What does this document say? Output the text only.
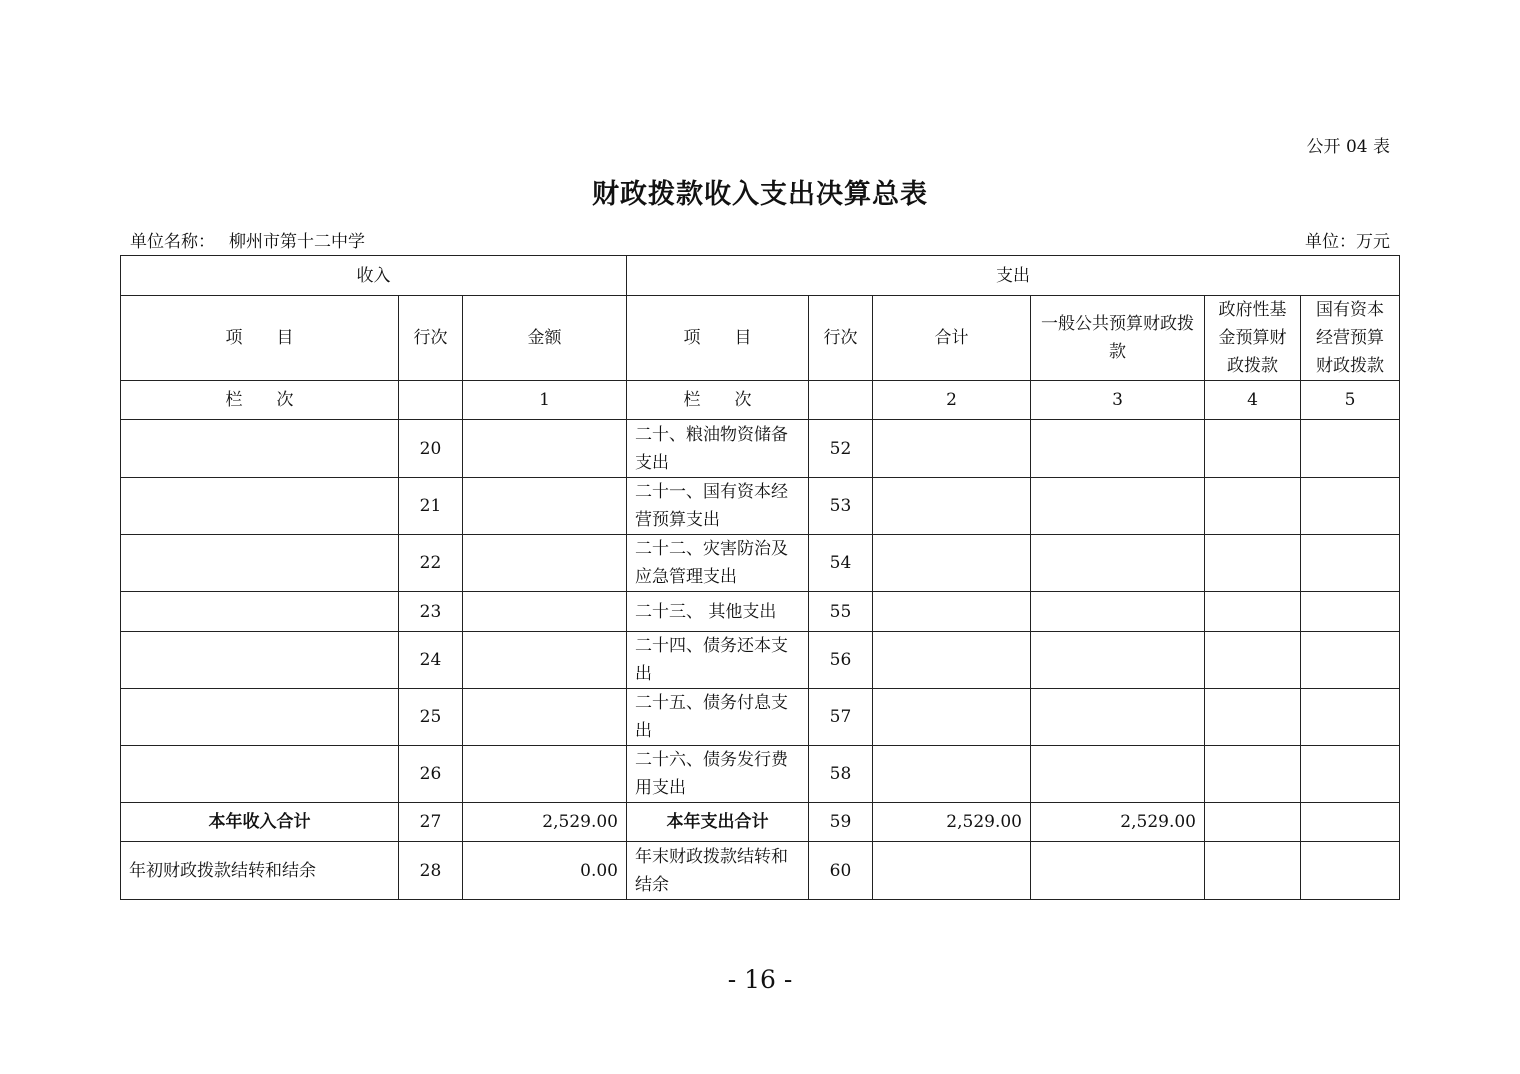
公开 04 表
财政拨款收入支出决算总表
单位名称： 柳州市第十二中学	单位：万元
收入			支出					
项　　目	行次	金额	项　　目	行次	合计	一般公共预算财政拨款	政府性基金预算财政拨款	国有资本经营预算财政拨款
栏　　次		1	栏　　次		2	3	4	5
	20		二十、粮油物资储备支出	52				
	21		二十一、国有资本经营预算支出	53				
	22		二十二、灾害防治及应急管理支出	54				
	23		二十三、 其他支出	55				
	24		二十四、债务还本支出	56				
	25		二十五、债务付息支出	57				
	26		二十六、债务发行费用支出	58				
本年收入合计	27	2,529.00	本年支出合计	59	2,529.00	2,529.00		
年初财政拨款结转和结余	28	0.00	年末财政拨款结转和结余	60				
- 16 -
